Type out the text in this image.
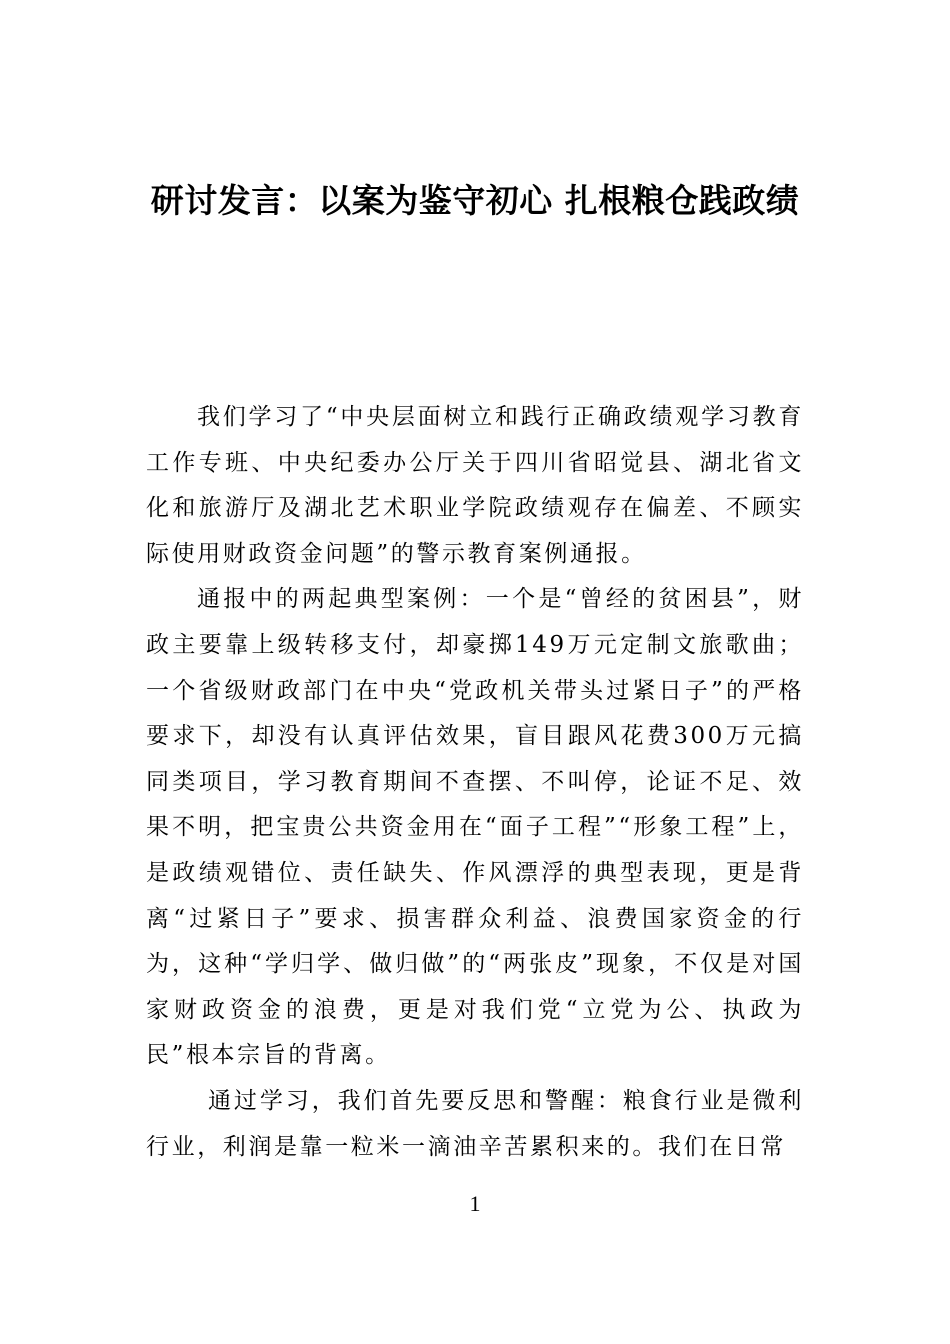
研讨发言：以案为鉴守初心 扎根粮仓践政绩

我们学习了“中央层面树立和践行正确政绩观学习教育工作专班、中央纪委办公厅关于四川省昭觉县、湖北省文化和旅游厅及湖北艺术职业学院政绩观存在偏差、不顾实际使用财政资金问题”的警示教育案例通报。

通报中的两起典型案例：一个是“曾经的贫困县”，财政主要靠上级转移支付，却豪掷149万元定制文旅歌曲；一个省级财政部门在中央“党政机关带头过紧日子”的严格要求下，却没有认真评估效果，盲目跟风花费300万元搞同类项目，学习教育期间不查摆、不叫停，论证不足、效果不明，把宝贵公共资金用在“面子工程”“形象工程”上，是政绩观错位、责任缺失、作风漂浮的典型表现，更是背离“过紧日子”要求、损害群众利益、浪费国家资金的行为，这种“学归学、做归做”的“两张皮”现象，不仅是对国家财政资金的浪费，更是对我们党“立党为公、执政为民”根本宗旨的背离。

通过学习，我们首先要反思和警醒：粮食行业是微利行业，利润是靠一粒米一滴油辛苦累积来的。我们在日常

1
